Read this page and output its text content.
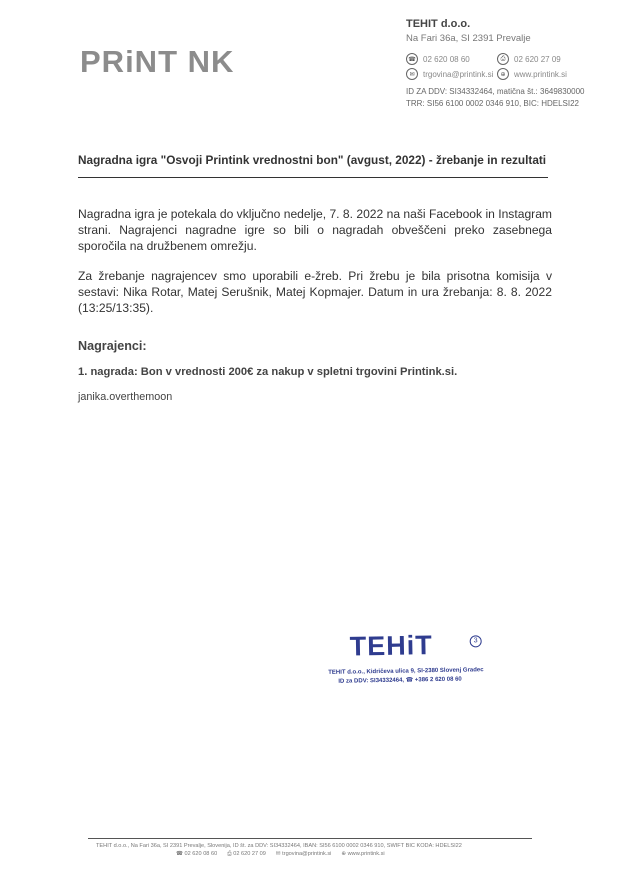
PRiNT NK
TEHIT d.o.o.
Na Fari 36a, SI 2391 Prevalje
☎ 02 620 08 60	⎙	02 620 27 09
✉	trgovina@printink.si	⊕	www.printink.si
ID ZA DDV: SI34332464, matična št.: 3649830000
TRR: SI56 6100 0002 0346 910, BIC: HDELSI22
Nagradna igra "Osvoji Printink vrednostni bon" (avgust, 2022) - žrebanje in rezultati
Nagradna igra je potekala do vključno nedelje, 7. 8. 2022 na naši Facebook in Instagram strani. Nagrajenci nagradne igre so bili o nagradah obveščeni preko zasebnega sporočila na družbenem omrežju.
Za žrebanje nagrajencev smo uporabili e-žreb. Pri žrebu je bila prisotna komisija v sestavi: Nika Rotar, Matej Serušnik, Matej Kopmajer. Datum in ura žrebanja: 8. 8. 2022 (13:25/13:35).
Nagrajenci:
1. nagrada: Bon v vrednosti 200€ za nakup v spletni trgovini Printink.si.
janika.overthemoon
TEHiT	3
TEHIT d.o.o., Kidričeva ulica 9, SI-2380 Slovenj Gradec
ID za DDV: SI34332464, ☎ +386 2 620 08 60
TEHIT d.o.o., Na Fari 36a, SI 2391 Prevalje, Slovenija, ID št. za DDV: SI34332464, IBAN: SI56 6100 0002 0346 910, SWIFT BIC KODA: HDELSI22
☎ 02 620 08 60 ⎙ 02 620 27 09 ✉ trgovina@printink.si ⊕ www.printink.si
